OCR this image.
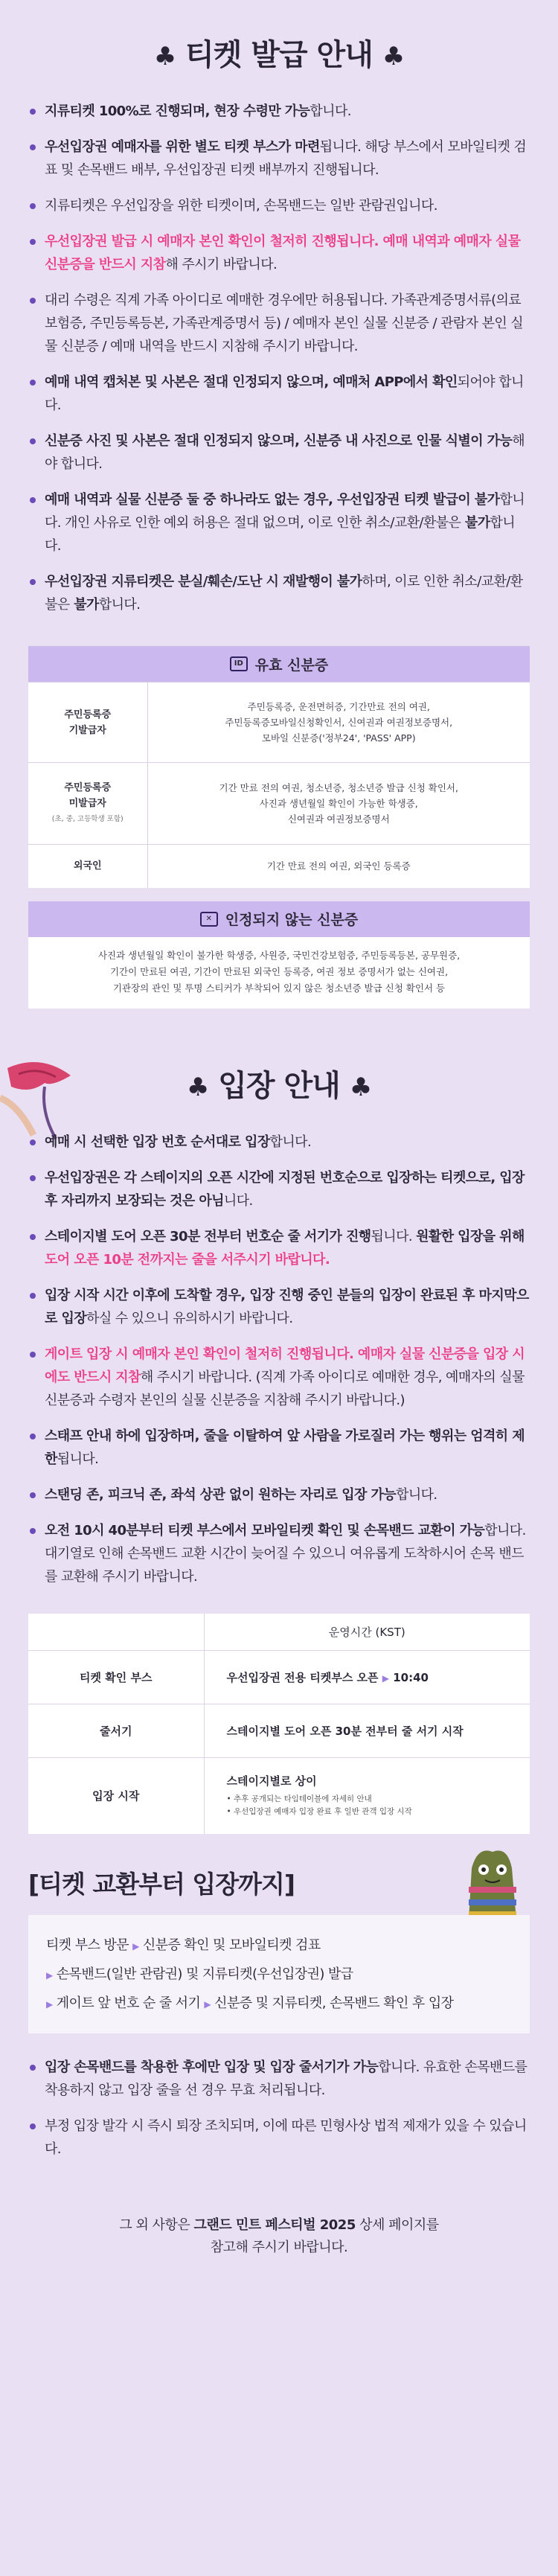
♣ 티켓 발급 안내 ♣
지류티켓 100%로 진행되며, 현장 수령만 가능합니다.
우선입장권 예매자를 위한 별도 티켓 부스가 마련됩니다. 해당 부스에서 모바일티켓 검표 및 손목밴드 배부, 우선입장권 티켓 배부까지 진행됩니다.
지류티켓은 우선입장을 위한 티켓이며, 손목밴드는 일반 관람권입니다.
우선입장권 발급 시 예매자 본인 확인이 철저히 진행됩니다. 예매 내역과 예매자 실물 신분증을 반드시 지참해 주시기 바랍니다.
대리 수령은 직계 가족 아이디로 예매한 경우에만 허용됩니다. 가족관계증명서류(의료보험증, 주민등록등본, 가족관계증명서 등) / 예매자 본인 실물 신분증 / 관람자 본인 실물 신분증 / 예매 내역을 반드시 지참해 주시기 바랍니다.
예매 내역 캡처본 및 사본은 절대 인정되지 않으며, 예매처 APP에서 확인되어야 합니다.
신분증 사진 및 사본은 절대 인정되지 않으며, 신분증 내 사진으로 인물 식별이 가능해야 합니다.
예매 내역과 실물 신분증 둘 중 하나라도 없는 경우, 우선입장권 티켓 발급이 불가합니다. 개인 사유로 인한 예외 허용은 절대 없으며, 이로 인한 취소/교환/환불은 불가합니다.
우선입장권 지류티켓은 분실/훼손/도난 시 재발행이 불가하며, 이로 인한 취소/교환/환불은 불가합니다.
ID 유효 신분증
주민등록증
기발급자	주민등록증, 운전면허증, 기간만료 전의 여권,
주민등록증모바일신청확인서, 신여권과 여권정보증명서,
모바일 신분증('정부24', 'PASS' APP)
주민등록증
미발급자
(초, 중, 고등학생 포함)	기간 만료 전의 여권, 청소년증, 청소년증 발급 신청 확인서,
사진과 생년월일 확인이 가능한 학생증,
신여권과 여권정보증명서
외국인	기간 만료 전의 여권, 외국인 등록증
✕ 인정되지 않는 신분증
사진과 생년월일 확인이 불가한 학생증, 사원증, 국민건강보험증, 주민등록등본, 공무원증,
기간이 만료된 여권, 기간이 만료된 외국인 등록증, 여권 정보 증명서가 없는 신여권,
기관장의 관인 및 투명 스티커가 부착되어 있지 않은 청소년증 발급 신청 확인서 등
♣ 입장 안내 ♣
예매 시 선택한 입장 번호 순서대로 입장합니다.
우선입장권은 각 스테이지의 오픈 시간에 지정된 번호순으로 입장하는 티켓으로, 입장 후 자리까지 보장되는 것은 아님니다.
스테이지별 도어 오픈 30분 전부터 번호순 줄 서기가 진행됩니다. 원활한 입장을 위해 도어 오픈 10분 전까지는 줄을 서주시기 바랍니다.
입장 시작 시간 이후에 도착할 경우, 입장 진행 중인 분들의 입장이 완료된 후 마지막으로 입장하실 수 있으니 유의하시기 바랍니다.
게이트 입장 시 예매자 본인 확인이 철저히 진행됩니다. 예매자 실물 신분증을 입장 시에도 반드시 지참해 주시기 바랍니다. (직계 가족 아이디로 예매한 경우, 예매자의 실물 신분증과 수령자 본인의 실물 신분증을 지참해 주시기 바랍니다.)
스태프 안내 하에 입장하며, 줄을 이탈하여 앞 사람을 가로질러 가는 행위는 엄격히 제한됩니다.
스탠딩 존, 피크닉 존, 좌석 상관 없이 원하는 자리로 입장 가능합니다.
오전 10시 40분부터 티켓 부스에서 모바일티켓 확인 및 손목밴드 교환이 가능합니다. 대기열로 인해 손목밴드 교환 시간이 늦어질 수 있으니 여유롭게 도착하시어 손목 밴드를 교환해 주시기 바랍니다.
	운영시간 (KST)
티켓 확인 부스	우선입장권 전용 티켓부스 오픈 ▶ 10:40
줄서기	스테이지별 도어 오픈 30분 전부터 줄 서기 시작
입장 시작	스테이지별로 상이
• 추후 공개되는 타임테이블에 자세히 안내
• 우선입장권 예매자 입장 완료 후 일반 관객 입장 시작
[티켓 교환부터 입장까지]
티켓 부스 방문 ▶ 신분증 확인 및 모바일티켓 검표
▶ 손목밴드(일반 관람권) 및 지류티켓(우선입장권) 발급
▶ 게이트 앞 번호 순 줄 서기 ▶ 신분증 및 지류티켓, 손목밴드 확인 후 입장
입장 손목밴드를 착용한 후에만 입장 및 입장 줄서기가 가능합니다. 유효한 손목밴드를 착용하지 않고 입장 줄을 선 경우 무효 처리됩니다.
부정 입장 발각 시 즉시 퇴장 조치되며, 이에 따른 민형사상 법적 제재가 있을 수 있습니다.
그 외 사항은 그랜드 민트 페스티벌 2025 상세 페이지를
참고해 주시기 바랍니다.
